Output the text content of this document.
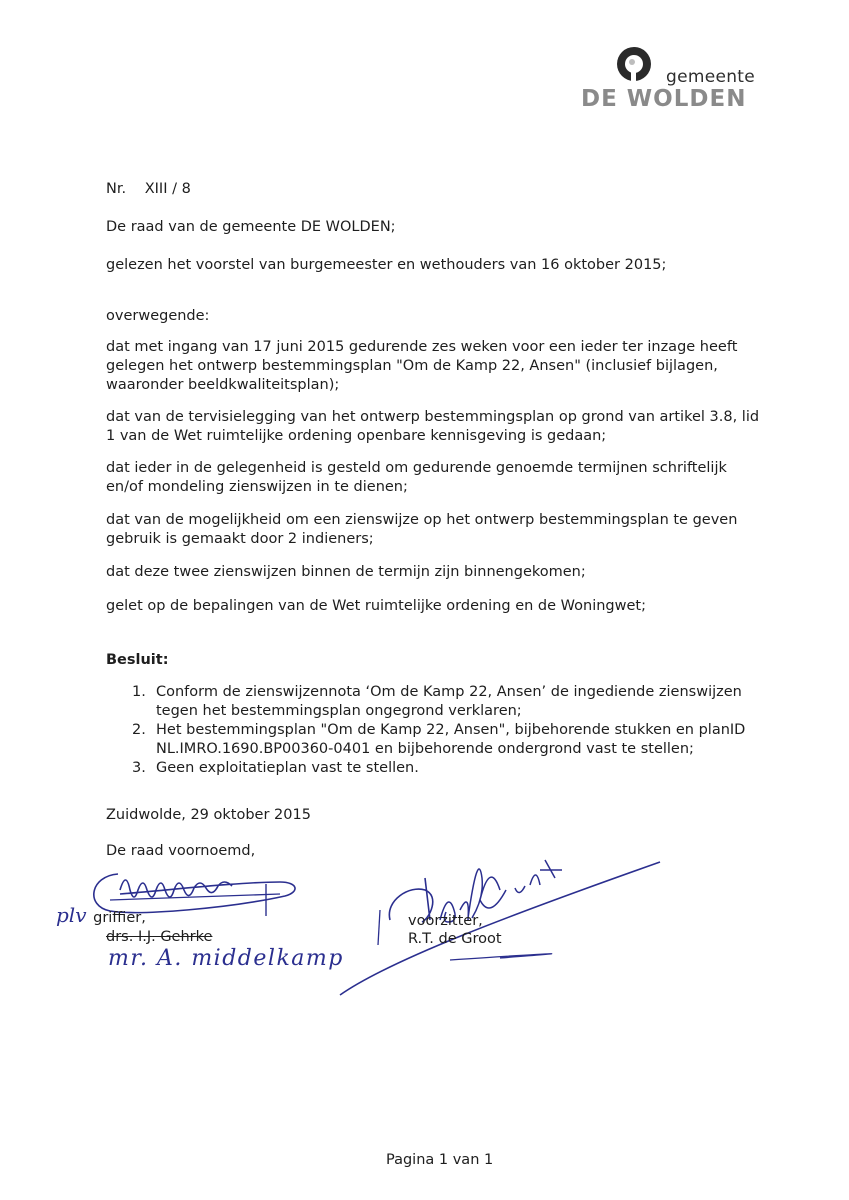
gemeente
DE WOLDEN
Nr. XIII / 8

De raad van de gemeente DE WOLDEN;

gelezen het voorstel van burgemeester en wethouders van 16 oktober 2015;

overwegende:

dat met ingang van 17 juni 2015 gedurende zes weken voor een ieder ter inzage heeft
gelegen het ontwerp bestemmingsplan "Om de Kamp 22, Ansen" (inclusief bijlagen,
waaronder beeldkwaliteitsplan);
dat van de tervisielegging van het ontwerp bestemmingsplan op grond van artikel 3.8, lid
1 van de Wet ruimtelijke ordening openbare kennisgeving is gedaan;
dat ieder in de gelegenheid is gesteld om gedurende genoemde termijnen schriftelijk
en/of mondeling zienswijzen in te dienen;
dat van de mogelijkheid om een zienswijze op het ontwerp bestemmingsplan te geven
gebruik is gemaakt door 2 indieners;
dat deze twee zienswijzen binnen de termijn zijn binnengekomen;
gelet op de bepalingen van de Wet ruimtelijke ordening en de Woningwet;

Besluit:

1. Conform de zienswijzennota ‘Om de Kamp 22, Ansen’ de ingediende zienswijzen
tegen het bestemmingsplan ongegrond verklaren;
2. Het bestemmingsplan "Om de Kamp 22, Ansen", bijbehorende stukken en planID
NL.IMRO.1690.BP00360-0401 en bijbehorende ondergrond vast te stellen;
3. Geen exploitatieplan vast te stellen.

Zuidwolde, 29 oktober 2015

De raad voornoemd,

plv griffier,
drs. I.J. Gehrke
mr. A. middelkamp
voorzitter,
R.T. de Groot
Pagina 1 van 1
